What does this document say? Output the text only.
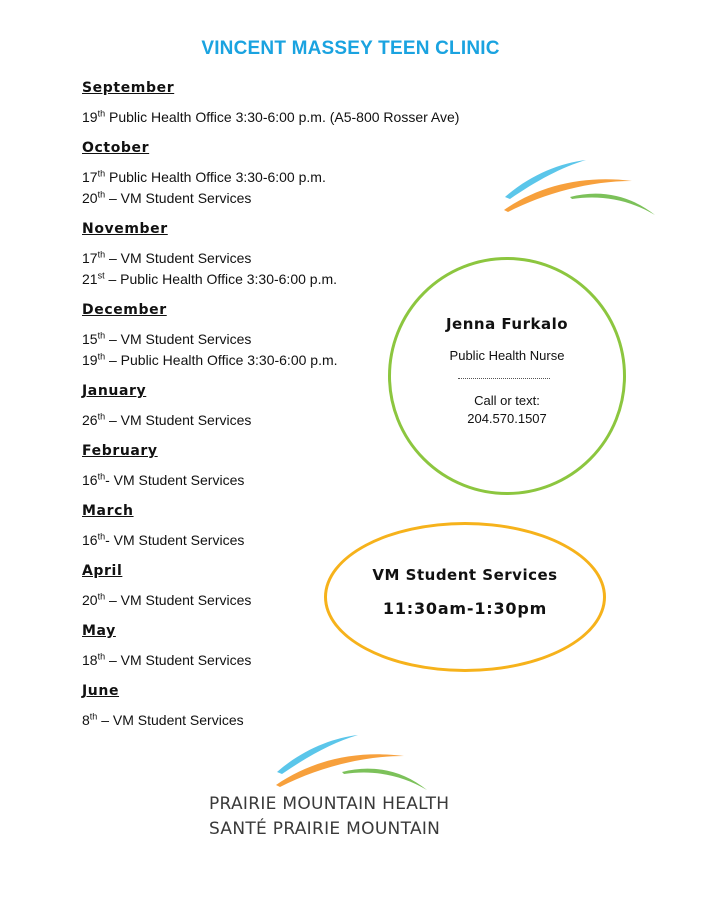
VINCENT MASSEY TEEN CLINIC
September
19th Public Health Office 3:30-6:00 p.m. (A5-800 Rosser Ave)
October
17th Public Health Office 3:30-6:00 p.m.
20th – VM Student Services
November
17th – VM Student Services
21st – Public Health Office 3:30-6:00 p.m.
December
15th – VM Student Services
19th – Public Health Office 3:30-6:00 p.m.
January
26th – VM Student Services
February
16th- VM Student Services
March
16th- VM Student Services
April
20th – VM Student Services
May
18th – VM Student Services
June
8th – VM Student Services
Jenna Furkalo
Public Health Nurse
Call or text:
204.570.1507
VM Student Services
11:30am-1:30pm
PRAIRIE MOUNTAIN HEALTH
SANTÉ PRAIRIE MOUNTAIN
